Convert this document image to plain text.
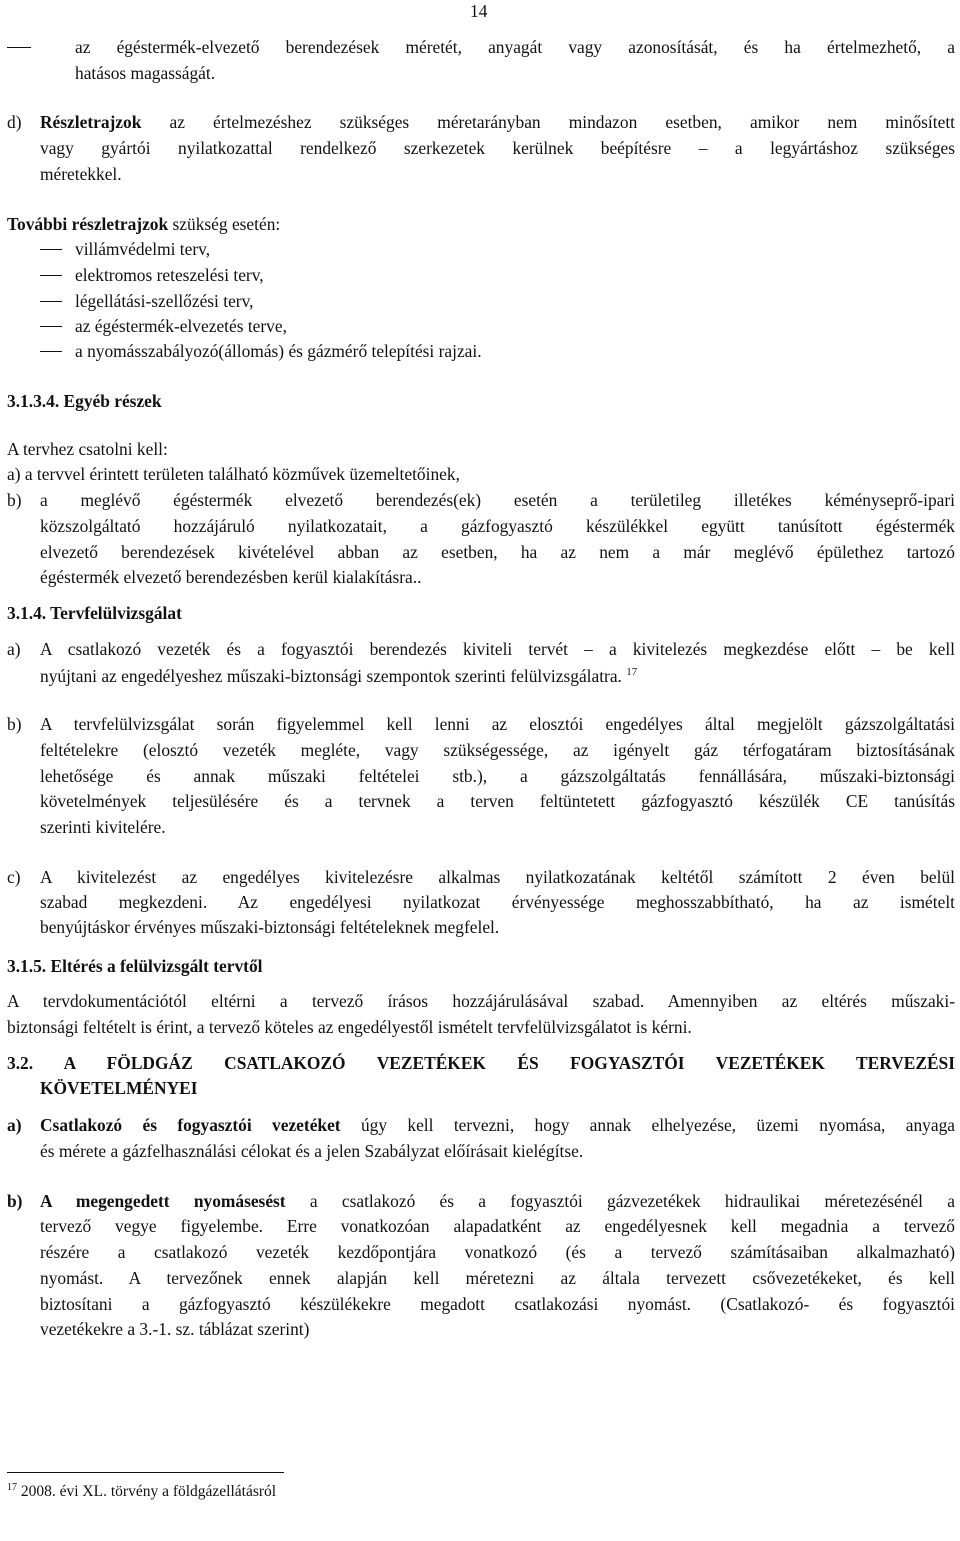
14
az égéstermék-elvezető berendezések méretét, anyagát vagy azonosítását, és ha értelmezhető, a
hatásos magasságát.
d) Részletrajzok az értelmezéshez szükséges méretarányban mindazon esetben, amikor nem minősített
vagy gyártói nyilatkozattal rendelkező szerkezetek kerülnek beépítésre – a legyártáshoz szükséges
méretekkel.
További részletrajzok szükség esetén:
villámvédelmi terv,
elektromos reteszelési terv,
légellátási-szellőzési terv,
az égéstermék-elvezetés terve,
a nyomásszabályozó(állomás) és gázmérő telepítési rajzai.
3.1.3.4. Egyéb részek
A tervhez csatolni kell:
a) a tervvel érintett területen található közművek üzemeltetőinek,
b) a meglévő égéstermék elvezető berendezés(ek) esetén a területileg illetékes kéményseprő-ipari
közszolgáltató hozzájáruló nyilatkozatait, a gázfogyasztó készülékkel együtt tanúsított égéstermék
elvezető berendezések kivételével abban az esetben, ha az nem a már meglévő épülethez tartozó
égéstermék elvezető berendezésben kerül kialakításra..
3.1.4. Tervfelülvizsgálat
a) A csatlakozó vezeték és a fogyasztói berendezés kiviteli tervét – a kivitelezés megkezdése előtt – be kell
nyújtani az engedélyeshez műszaki-biztonsági szempontok szerinti felülvizsgálatra. $^{17}$
b) A tervfelülvizsgálat során figyelemmel kell lenni az elosztói engedélyes által megjelölt gázszolgáltatási
feltételekre (elosztó vezeték megléte, vagy szükségessége, az igényelt gáz térfogatáram biztosításának
lehetősége és annak műszaki feltételei stb.), a gázszolgáltatás fennállására, műszaki-biztonsági
követelmények teljesülésére és a tervnek a terven feltüntetett gázfogyasztó készülék CE tanúsítás
szerinti kivitelére.
c) A kivitelezést az engedélyes kivitelezésre alkalmas nyilatkozatának keltétől számított 2 éven belül
szabad megkezdeni. Az engedélyesi nyilatkozat érvényessége meghosszabbítható, ha az ismételt
benyújtáskor érvényes műszaki-biztonsági feltételeknek megfelel.
3.1.5. Eltérés a felülvizsgált tervtől
A tervdokumentációtól eltérni a tervező írásos hozzájárulásával szabad. Amennyiben az eltérés műszaki-
biztonsági feltételt is érint, a tervező köteles az engedélyestől ismételt tervfelülvizsgálatot is kérni.
3.2. A FÖLDGÁZ CSATLAKOZÓ VEZETÉKEK ÉS FOGYASZTÓI VEZETÉKEK TERVEZÉSI
KÖVETELMÉNYEI
a) Csatlakozó és fogyasztói vezetéket úgy kell tervezni, hogy annak elhelyezése, üzemi nyomása, anyaga
és mérete a gázfelhasználási célokat és a jelen Szabályzat előírásait kielégítse.
b) A megengedett nyomásesést a csatlakozó és a fogyasztói gázvezetékek hidraulikai méretezésénél a
tervező vegye figyelembe. Erre vonatkozóan alapadatként az engedélyesnek kell megadnia a tervező
részére a csatlakozó vezeték kezdőpontjára vonatkozó (és a tervező számításaiban alkalmazható)
nyomást. A tervezőnek ennek alapján kell méretezni az általa tervezett csővezetékeket, és kell
biztosítani a gázfogyasztó készülékekre megadott csatlakozási nyomást. (Csatlakozó- és fogyasztói
vezetékekre a 3.-1. sz. táblázat szerint)
$^{17}$ 2008. évi XL. törvény a földgázellátásról
